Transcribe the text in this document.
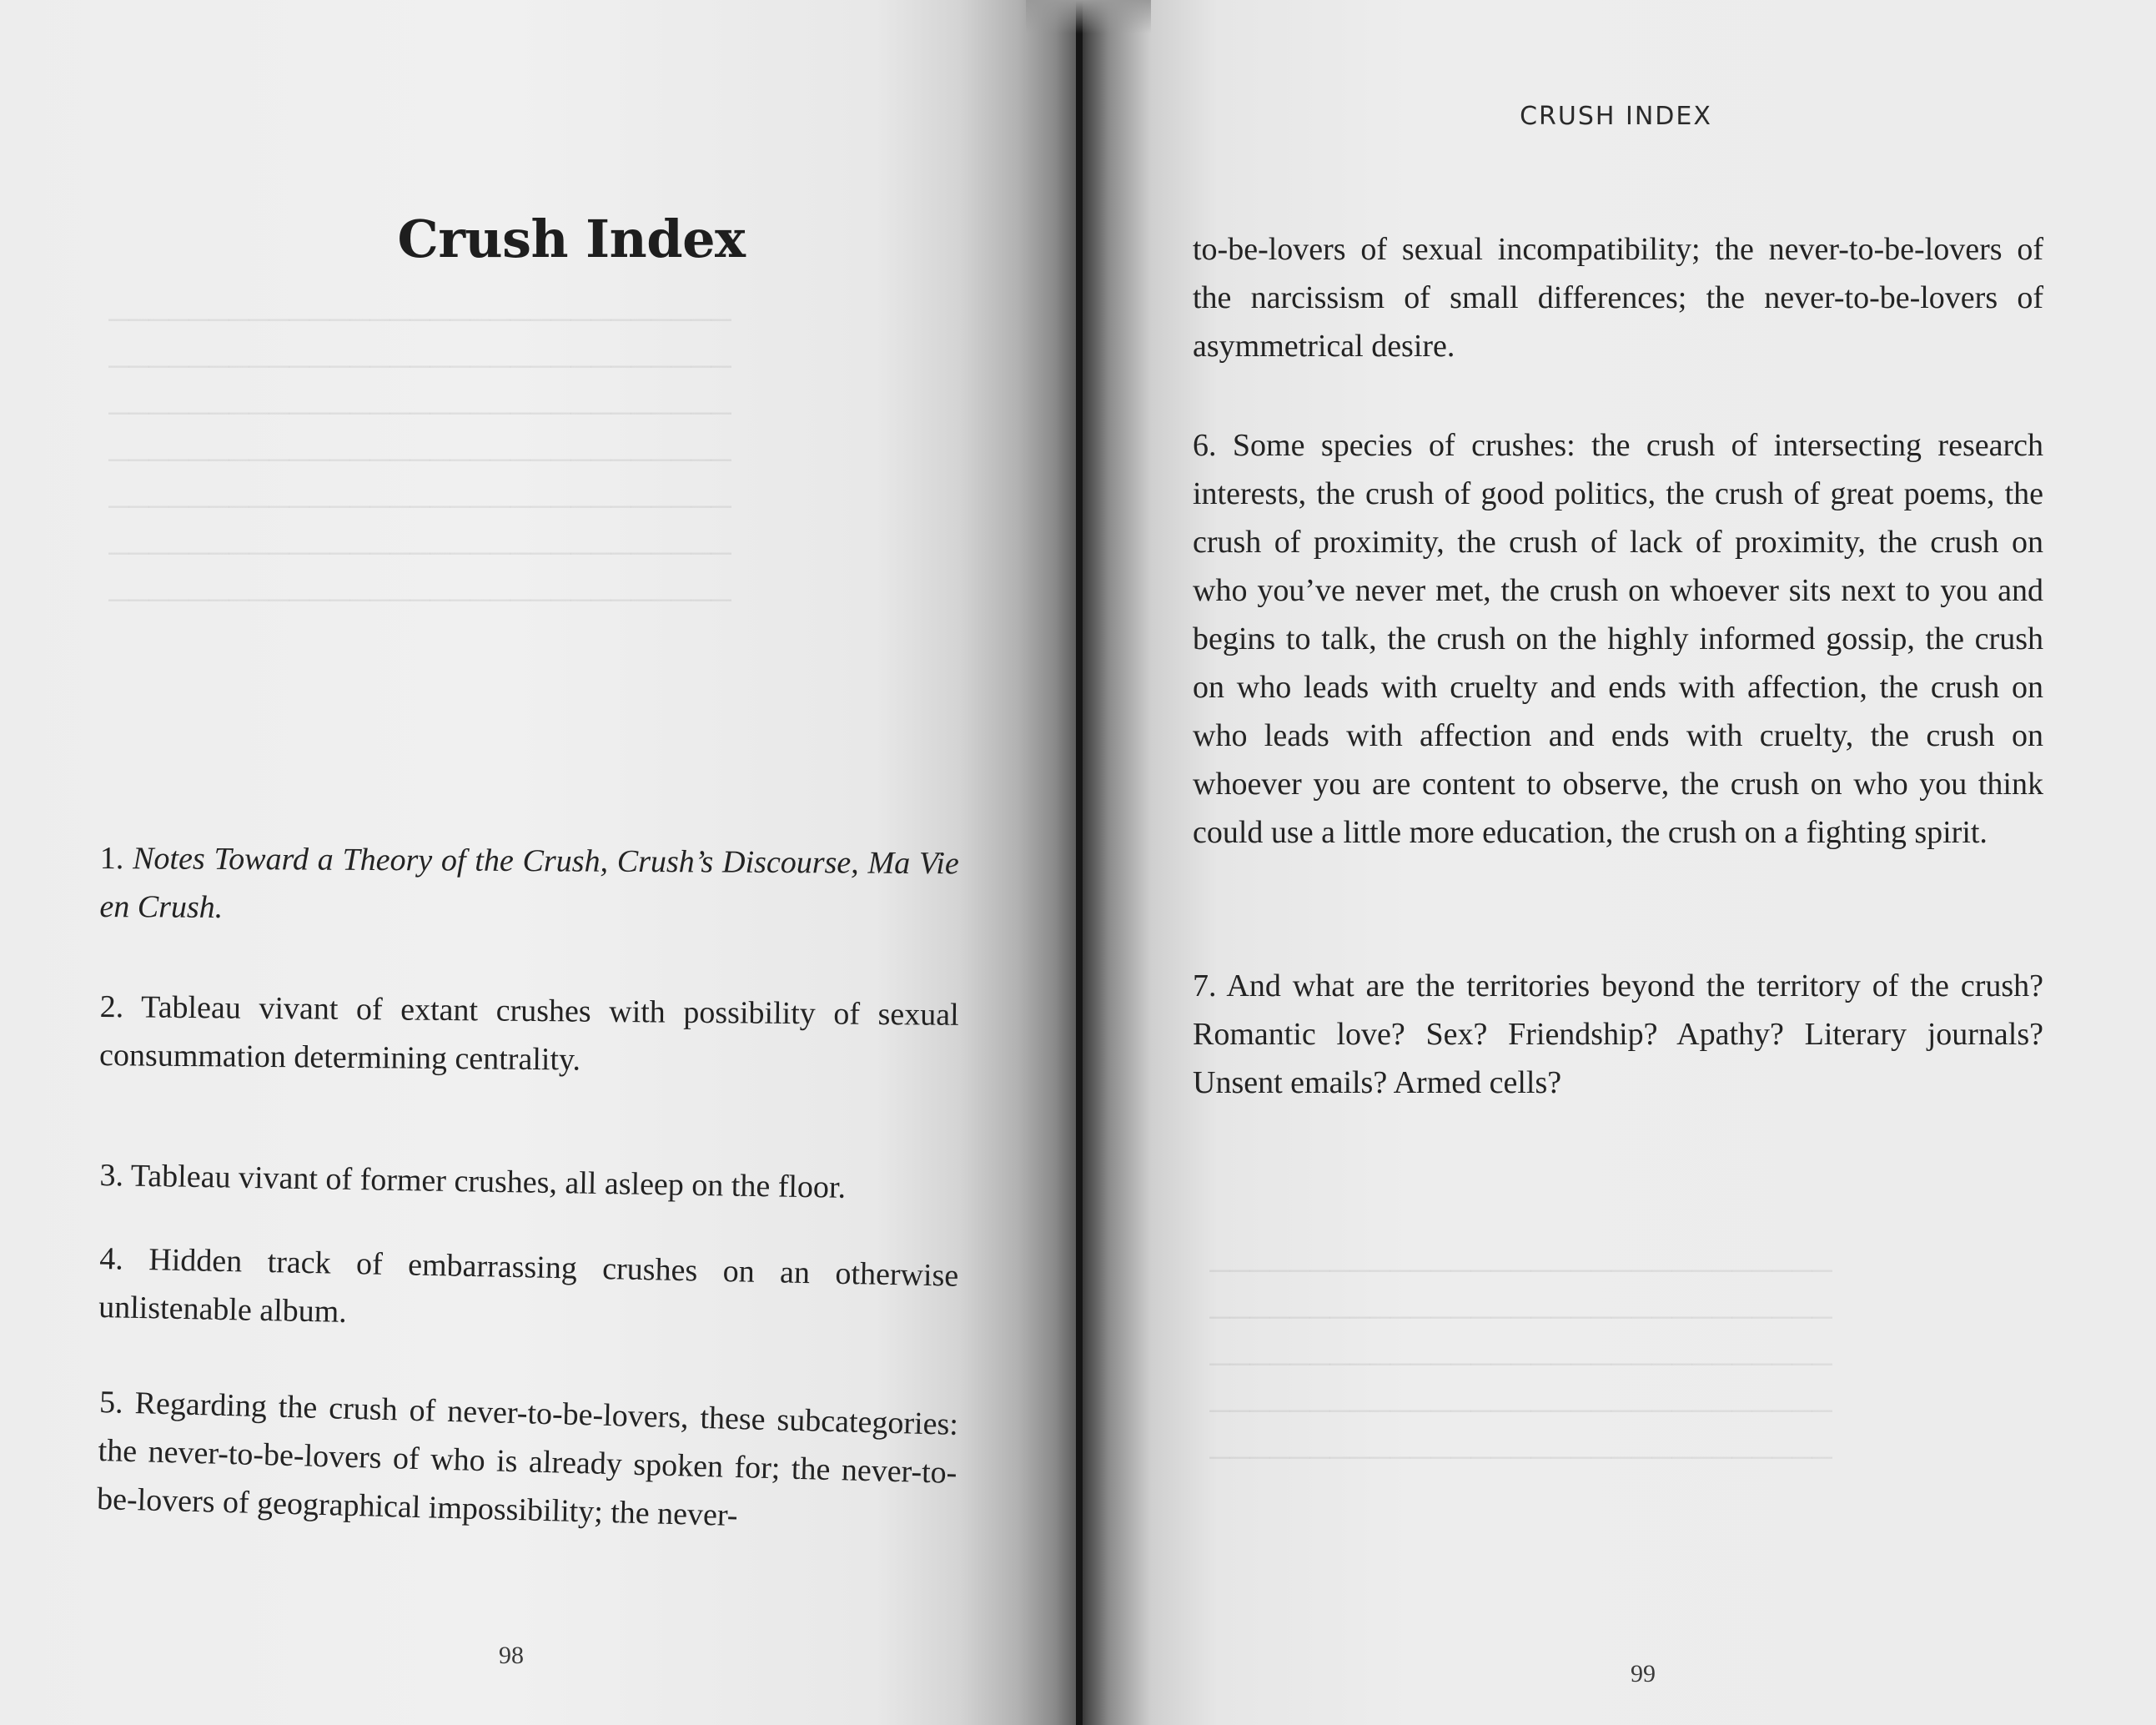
───────────────────────────────
───────────────────────────────
───────────────────────────────
───────────────────────────────
───────────────────────────────
───────────────────────────────
───────────────────────────────

───────────────────────────────
───────────────────────────────
───────────────────────────────
───────────────────────────────
───────────────────────────────

Crush Index

1. Notes Toward a Theory of the Crush, Crush’s Discourse, Ma Vie en Crush.

2. Tableau vivant of extant crushes with possibility of sexual consummation determining centrality.

3. Tableau vivant of former crushes, all asleep on the floor.

4. Hidden track of embarrassing crushes on an otherwise unlistenable album.

5. Regarding the crush of never-to-be-lovers, these subcategories: the never-to-be-lovers of who is already spoken for; the never-to-be-lovers of geographical impossibility; the never-

98
CRUSH INDEX

to-be-lovers of sexual incompatibility; the never-to-be-lovers of the narcissism of small differences; the never-to-be-lovers of asymmetrical desire.

6. Some species of crushes: the crush of intersecting research interests, the crush of good politics, the crush of great poems, the crush of proximity, the crush of lack of proximity, the crush on who you’ve never met, the crush on whoever sits next to you and begins to talk, the crush on the highly informed gossip, the crush on who leads with cruelty and ends with affection, the crush on who leads with affection and ends with cruelty, the crush on whoever you are content to observe, the crush on who you think could use a little more education, the crush on a fighting spirit.

7. And what are the territories beyond the territory of the crush? Romantic love? Sex? Friendship? Apathy? Literary journals? Unsent emails? Armed cells?

99
